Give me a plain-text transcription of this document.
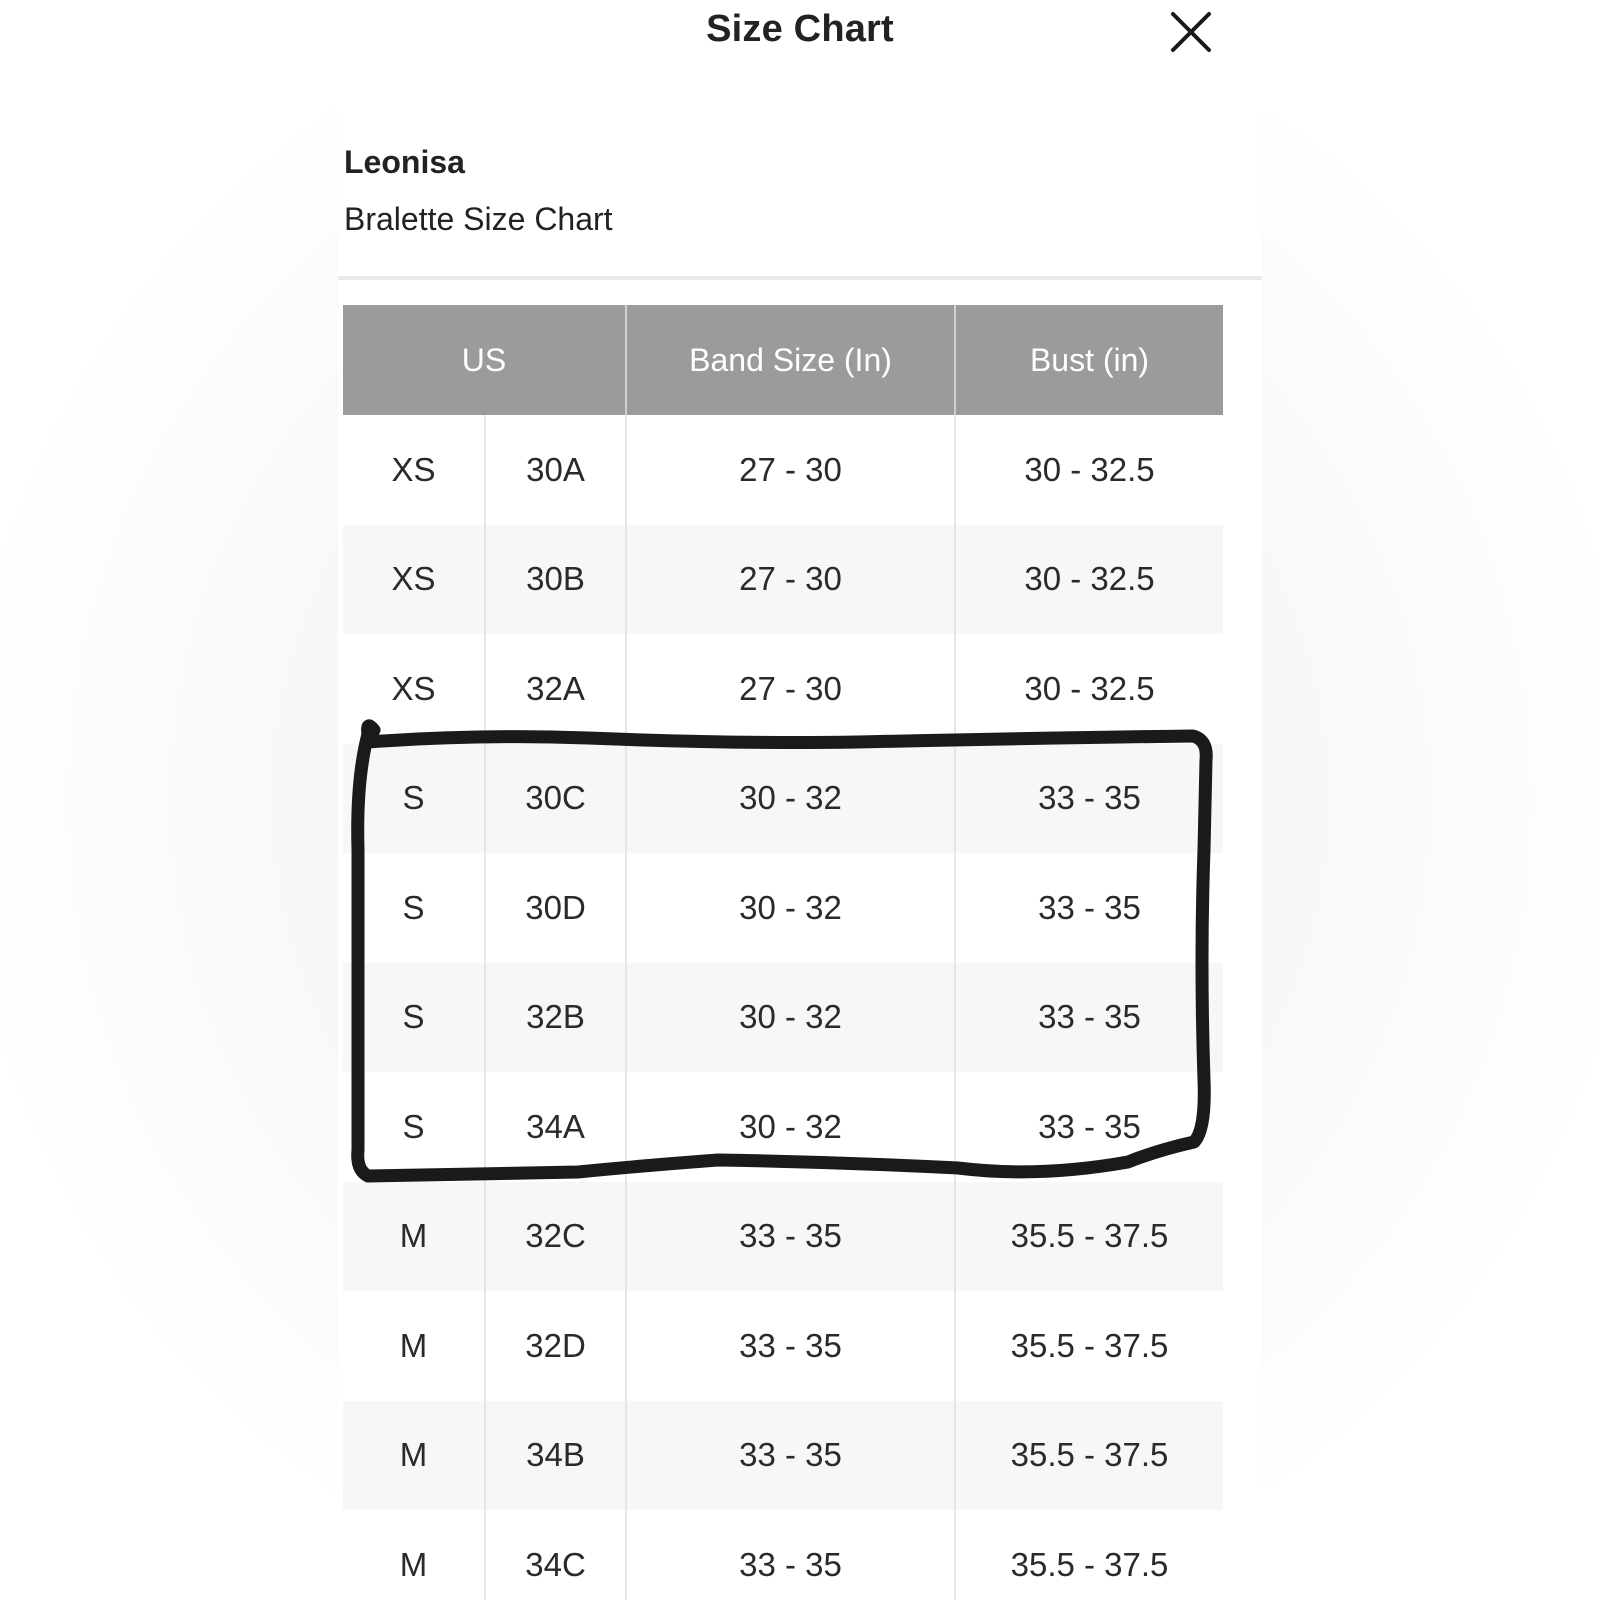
Size Chart
Leonisa
Bralette Size Chart
US		Band Size (In)	Bust (in)
XS	30A	27 - 30	30 - 32.5
XS	30B	27 - 30	30 - 32.5
XS	32A	27 - 30	30 - 32.5
S	30C	30 - 32	33 - 35
S	30D	30 - 32	33 - 35
S	32B	30 - 32	33 - 35
S	34A	30 - 32	33 - 35
M	32C	33 - 35	35.5 - 37.5
M	32D	33 - 35	35.5 - 37.5
M	34B	33 - 35	35.5 - 37.5
M	34C	33 - 35	35.5 - 37.5
